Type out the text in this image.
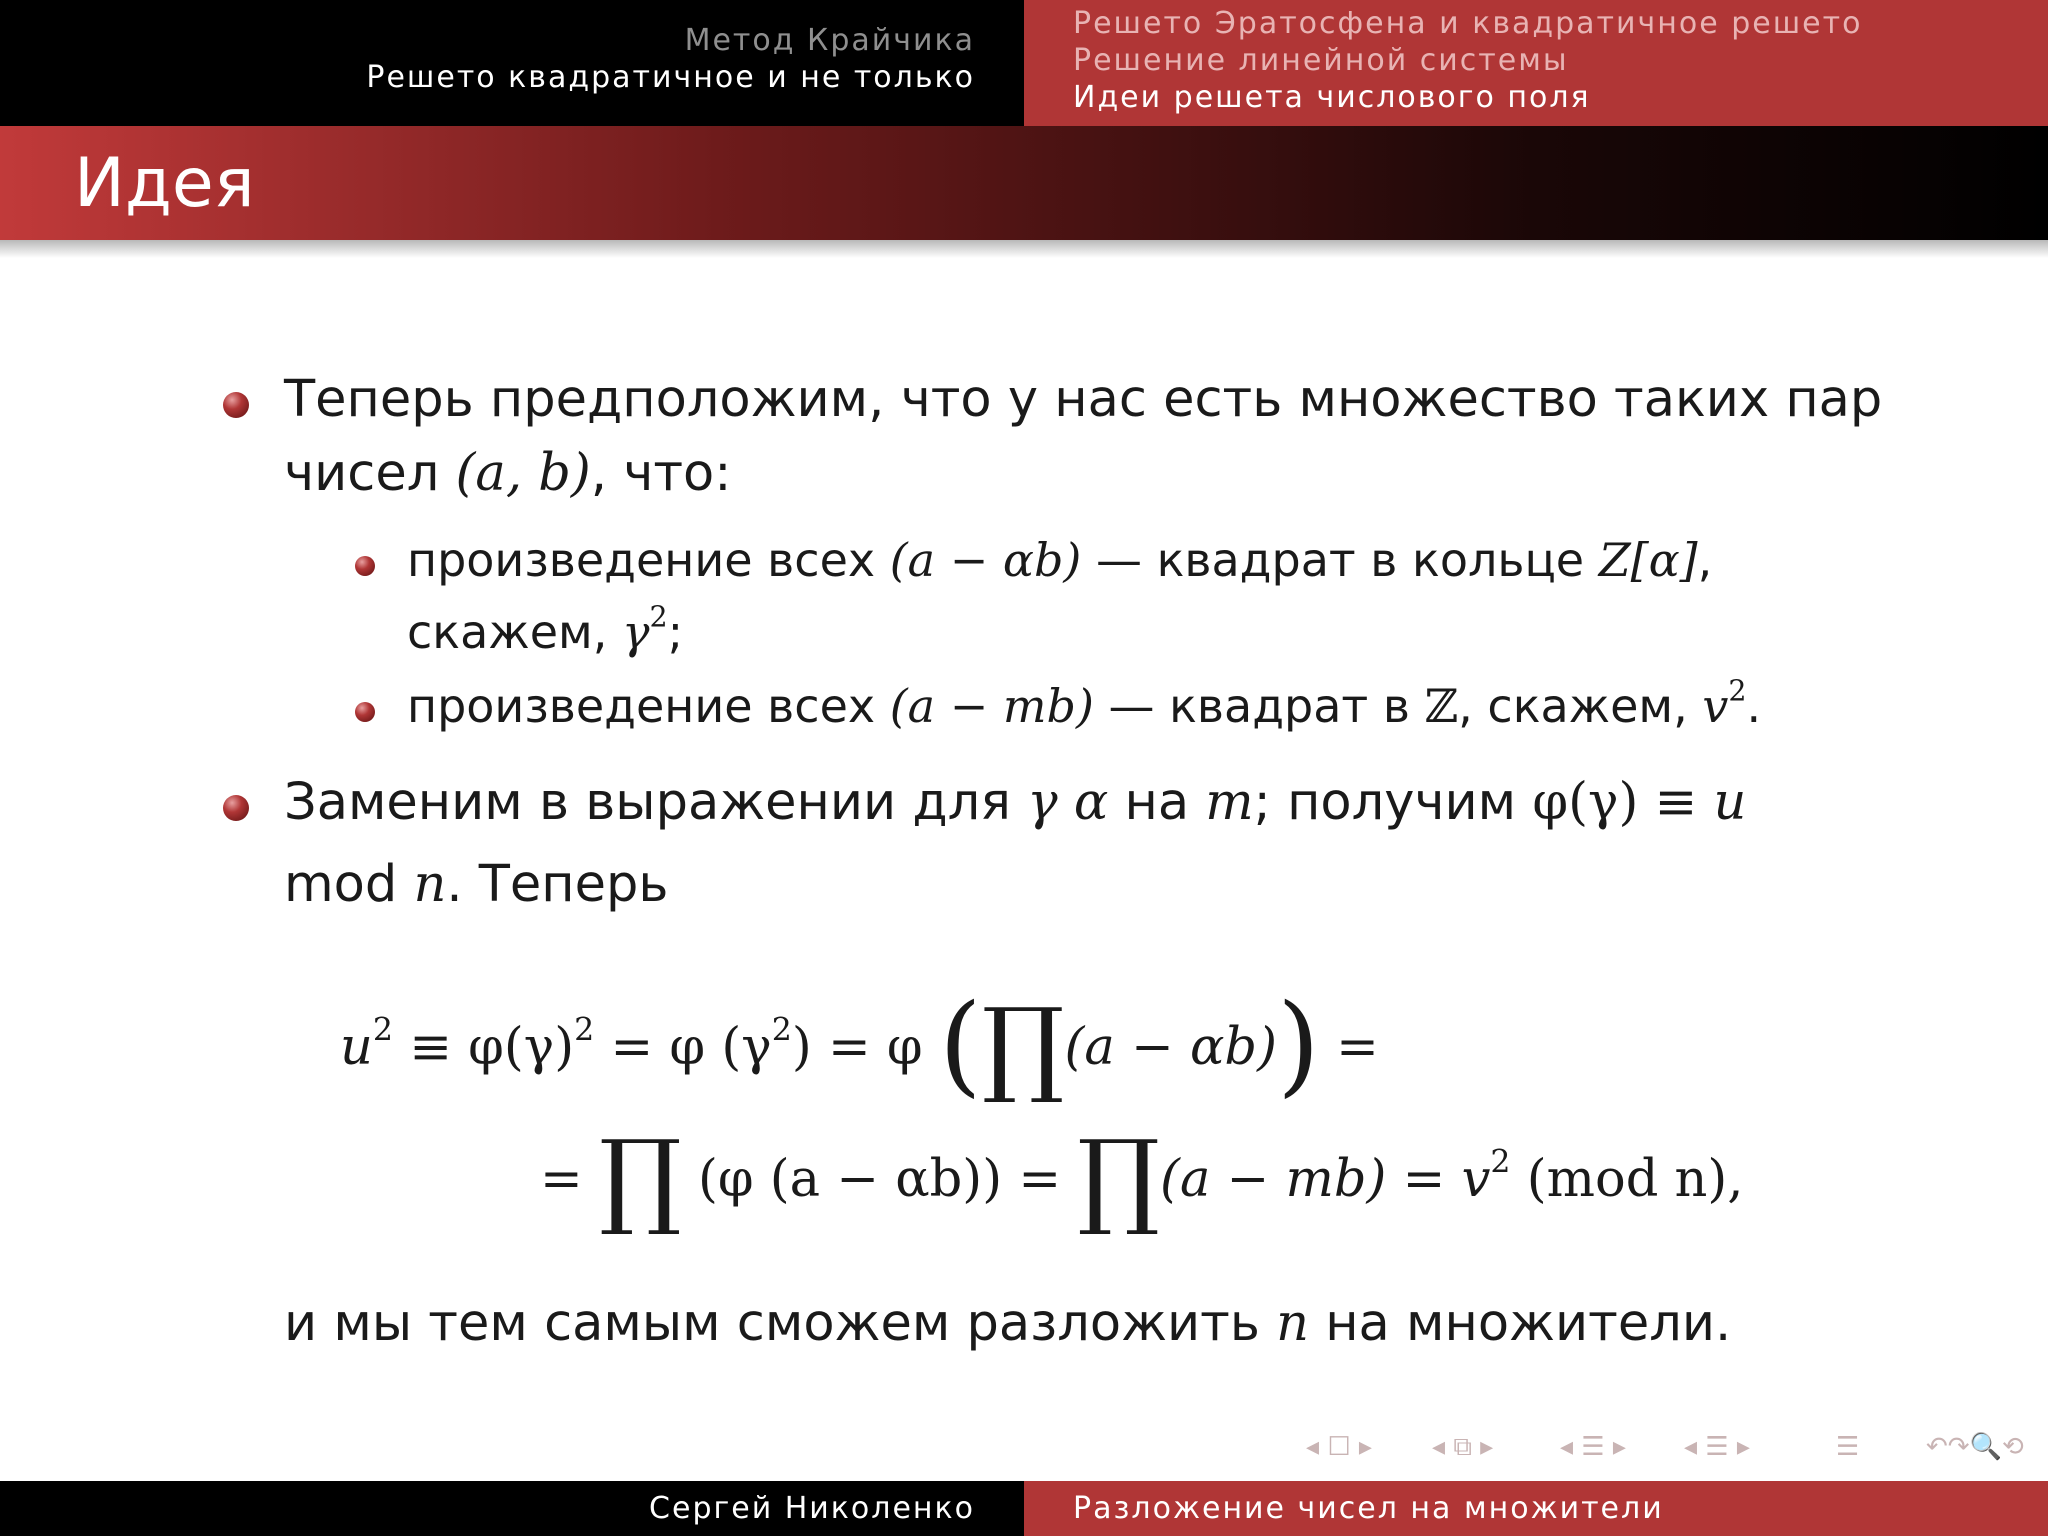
Метод Крайчика
Решето квадратичное и не только
Решето Эратосфена и квадратичное решето
Решение линейной системы
Идеи решета числового поля
Идея
Теперь предположим, что у нас есть множество таких пар
чисел (a, b), что:
произведение всех (a − αb) — квадрат в кольце Z[α],
скажем, $\gamma^2$;
произведение всех (a − mb) — квадрат в ℤ, скажем, $v^2$.
Заменим в выражении для γ α на m; получим φ(γ) ≡ u
mod n. Теперь
$u^2 \equiv \varphi(\gamma)^2 = \varphi$ $(\gamma^2) = \varphi$ (∏(a − αb)) =
= ∏ (φ (a − αb)) = ∏(a − $mb) = v^2$ (mod n),
и мы тем самым сможем разложить n на множители.
◂ ☐ ▸ ◂ ⧉ ▸	◂ ☰ ▸ ◂ ☰ ▸	☰	↶↷🔍⟲
Сергей Николенко	Разложение чисел на множители
